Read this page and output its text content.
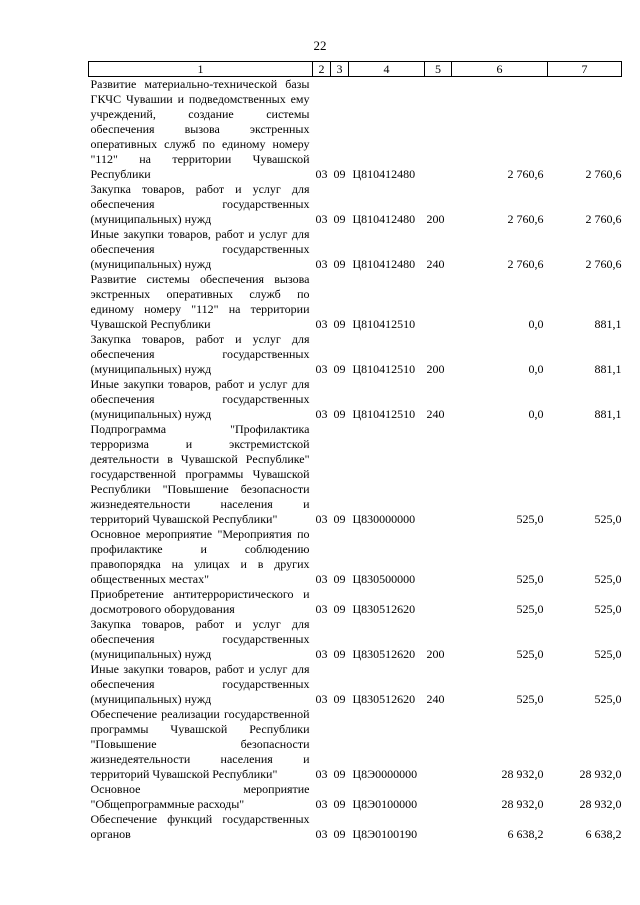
22
1	2	3	4	5	6	7
Развитие материально-технической базы ГКЧС Чувашии и подведомственных ему учреждений, создание системы обеспечения вызова экстренных оперативных служб по единому номеру "112" на территории Чувашской Республики	03	09	Ц810412480		2 760,6	2 760,6
Закупка товаров, работ и услуг для обеспечения государственных (муниципальных) нужд	03	09	Ц810412480	200	2 760,6	2 760,6
Иные закупки товаров, работ и услуг для обеспечения государственных (муниципальных) нужд	03	09	Ц810412480	240	2 760,6	2 760,6
Развитие системы обеспечения вызова экстренных оперативных служб по единому номеру "112" на территории Чувашской Республики	03	09	Ц810412510		0,0	881,1
Закупка товаров, работ и услуг для обеспечения государственных (муниципальных) нужд	03	09	Ц810412510	200	0,0	881,1
Иные закупки товаров, работ и услуг для обеспечения государственных (муниципальных) нужд	03	09	Ц810412510	240	0,0	881,1
Подпрограмма "Профилактика терроризма и экстремистской деятельности в Чувашской Республике" государственной программы Чувашской Республики "Повышение безопасности жизнедеятельности населения и территорий Чувашской Республики"	03	09	Ц830000000		525,0	525,0
Основное мероприятие "Мероприятия по профилактике и соблюдению правопорядка на улицах и в других общественных местах"	03	09	Ц830500000		525,0	525,0
Приобретение антитеррористического и досмотрового оборудования	03	09	Ц830512620		525,0	525,0
Закупка товаров, работ и услуг для обеспечения государственных (муниципальных) нужд	03	09	Ц830512620	200	525,0	525,0
Иные закупки товаров, работ и услуг для обеспечения государственных (муниципальных) нужд	03	09	Ц830512620	240	525,0	525,0
Обеспечение реализации государственной программы Чувашской Республики "Повышение безопасности жизнедеятельности населения и территорий Чувашской Республики"	03	09	Ц8Э0000000		28 932,0	28 932,0
Основное мероприятие "Общепрограммные расходы"	03	09	Ц8Э0100000		28 932,0	28 932,0
Обеспечение функций государственных органов	03	09	Ц8Э0100190		6 638,2	6 638,2
